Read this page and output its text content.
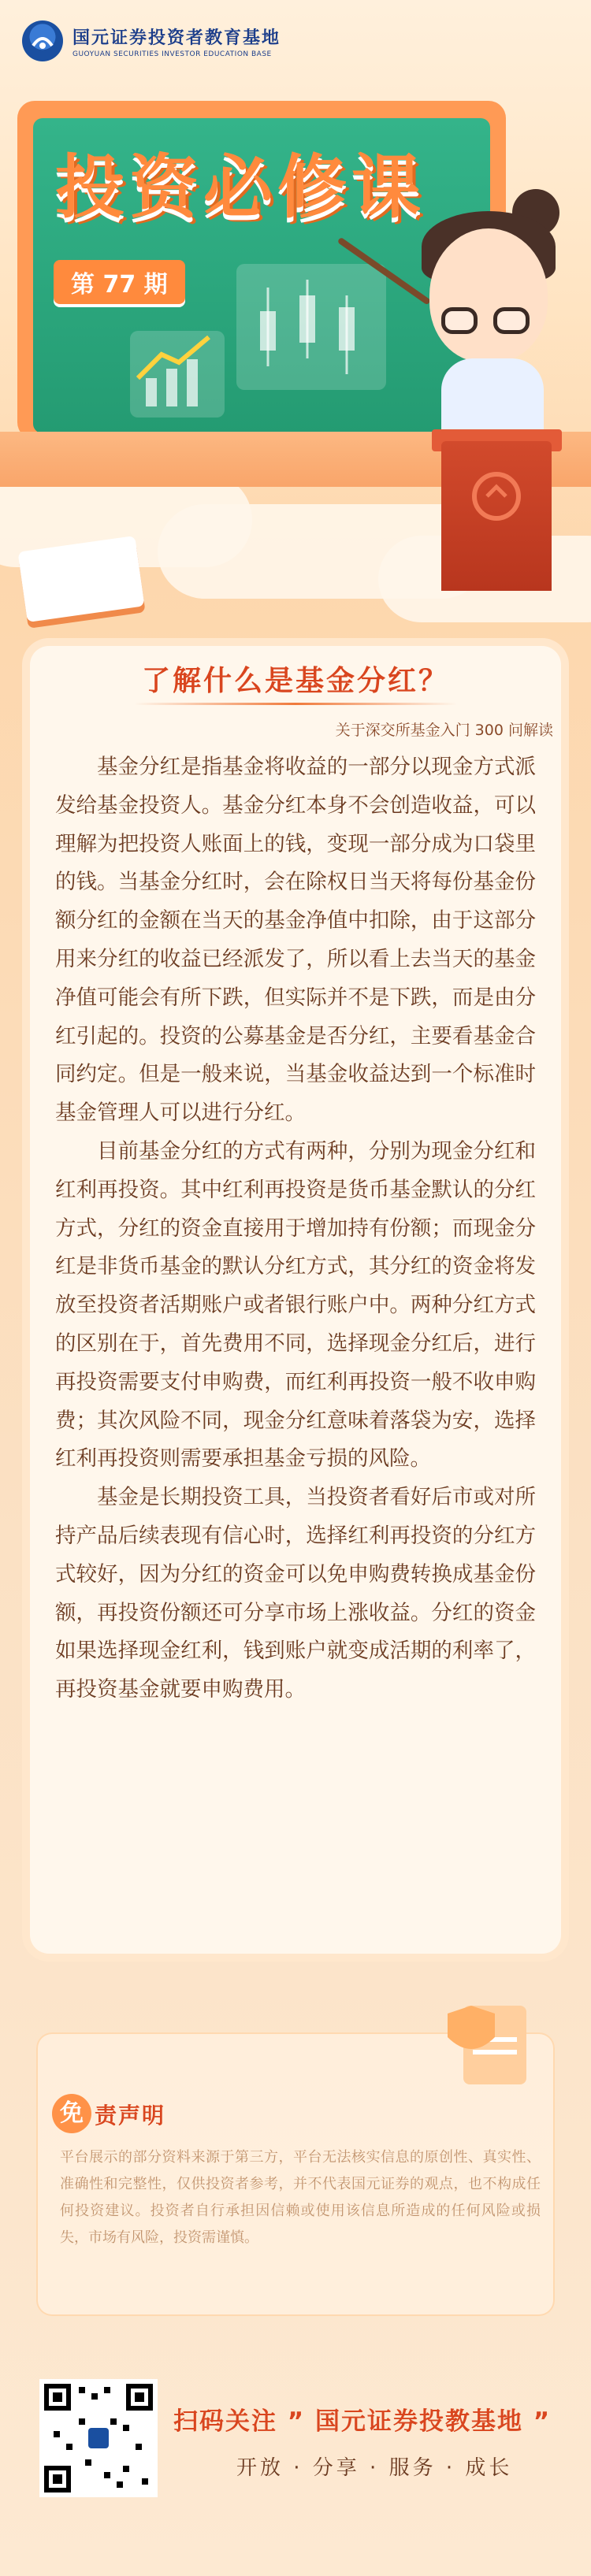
国元证券投资者教育基地
GUOYUAN SECURITIES INVESTOR EDUCATION BASE
投资必修课
第 77 期
了解什么是基金分红？
关于深交所基金入门 300 问解读

基金分红是指基金将收益的一部分以现金方式派发给基金投资人。基金分红本身不会创造收益，可以理解为把投资人账面上的钱，变现一部分成为口袋里的钱。当基金分红时，会在除权日当天将每份基金份额分红的金额在当天的基金净值中扣除，由于这部分用来分红的收益已经派发了，所以看上去当天的基金净值可能会有所下跌，但实际并不是下跌，而是由分红引起的。投资的公募基金是否分红，主要看基金合同约定。但是一般来说，当基金收益达到一个标准时基金管理人可以进行分红。

目前基金分红的方式有两种，分别为现金分红和红利再投资。其中红利再投资是货币基金默认的分红方式，分红的资金直接用于增加持有份额；而现金分红是非货币基金的默认分红方式，其分红的资金将发放至投资者活期账户或者银行账户中。两种分红方式的区别在于，首先费用不同，选择现金分红后，进行再投资需要支付申购费，而红利再投资一般不收申购费；其次风险不同，现金分红意味着落袋为安，选择红利再投资则需要承担基金亏损的风险。

基金是长期投资工具，当投资者看好后市或对所持产品后续表现有信心时，选择红利再投资的分红方式较好，因为分红的资金可以免申购费转换成基金份额，再投资份额还可分享市场上涨收益。分红的资金如果选择现金红利，钱到账户就变成活期的利率了，再投资基金就要申购费用。

免 责声明
平台展示的部分资料来源于第三方，平台无法核实信息的原创性、真实性、准确性和完整性，仅供投资者参考，并不代表国元证券的观点，也不构成任何投资建议。投资者自行承担因信赖或使用该信息所造成的任何风险或损失，市场有风险，投资需谨慎。
扫码关注 ” 国元证券投教基地 ”
开放 · 分享 · 服务 · 成长
